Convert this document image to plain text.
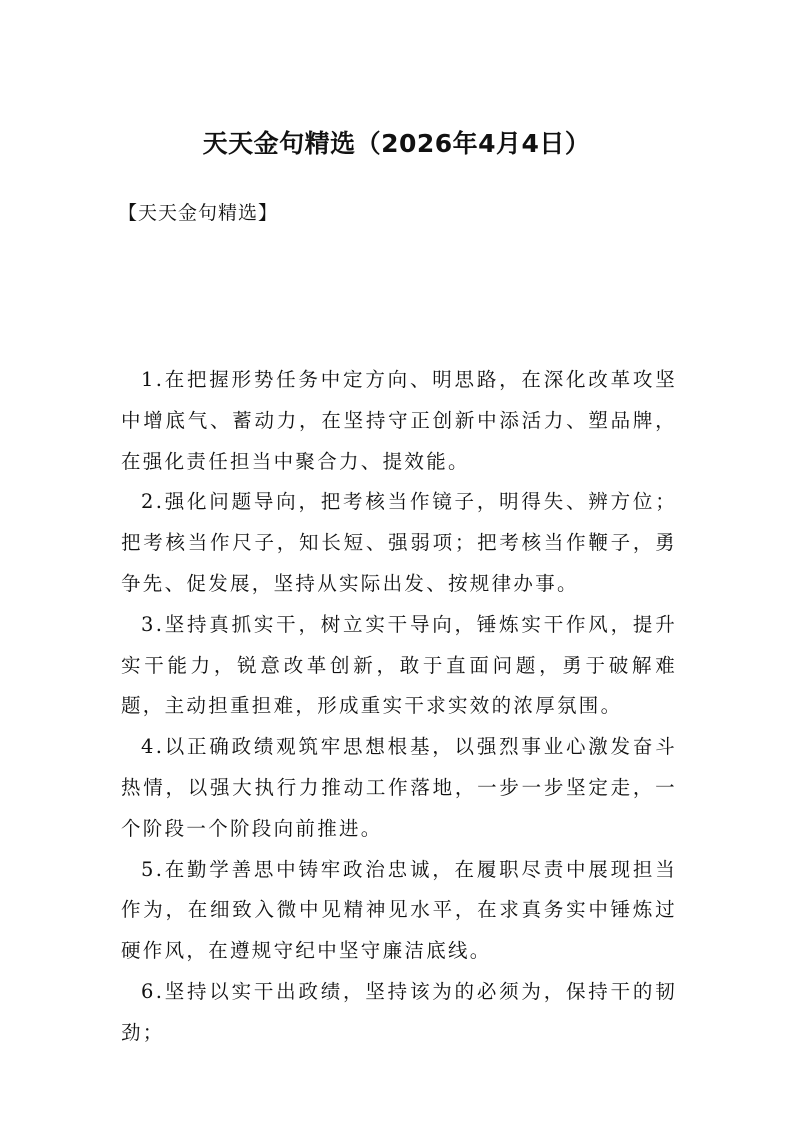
天天金句精选（2026年4月4日）
【天天金句精选】

1.在把握形势任务中定方向、明思路，在深化改革攻坚中增底气、蓄动力，在坚持守正创新中添活力、塑品牌，在强化责任担当中聚合力、提效能。

2.强化问题导向，把考核当作镜子，明得失、辨方位；把考核当作尺子，知长短、强弱项；把考核当作鞭子，勇争先、促发展，坚持从实际出发、按规律办事。

3.坚持真抓实干，树立实干导向，锤炼实干作风，提升实干能力，锐意改革创新，敢于直面问题，勇于破解难题，主动担重担难，形成重实干求实效的浓厚氛围。

4.以正确政绩观筑牢思想根基，以强烈事业心激发奋斗热情，以强大执行力推动工作落地，一步一步坚定走，一个阶段一个阶段向前推进。

5.在勤学善思中铸牢政治忠诚，在履职尽责中展现担当作为，在细致入微中见精神见水平，在求真务实中锤炼过硬作风，在遵规守纪中坚守廉洁底线。

6.坚持以实干出政绩，坚持该为的必须为，保持干的韧劲；
